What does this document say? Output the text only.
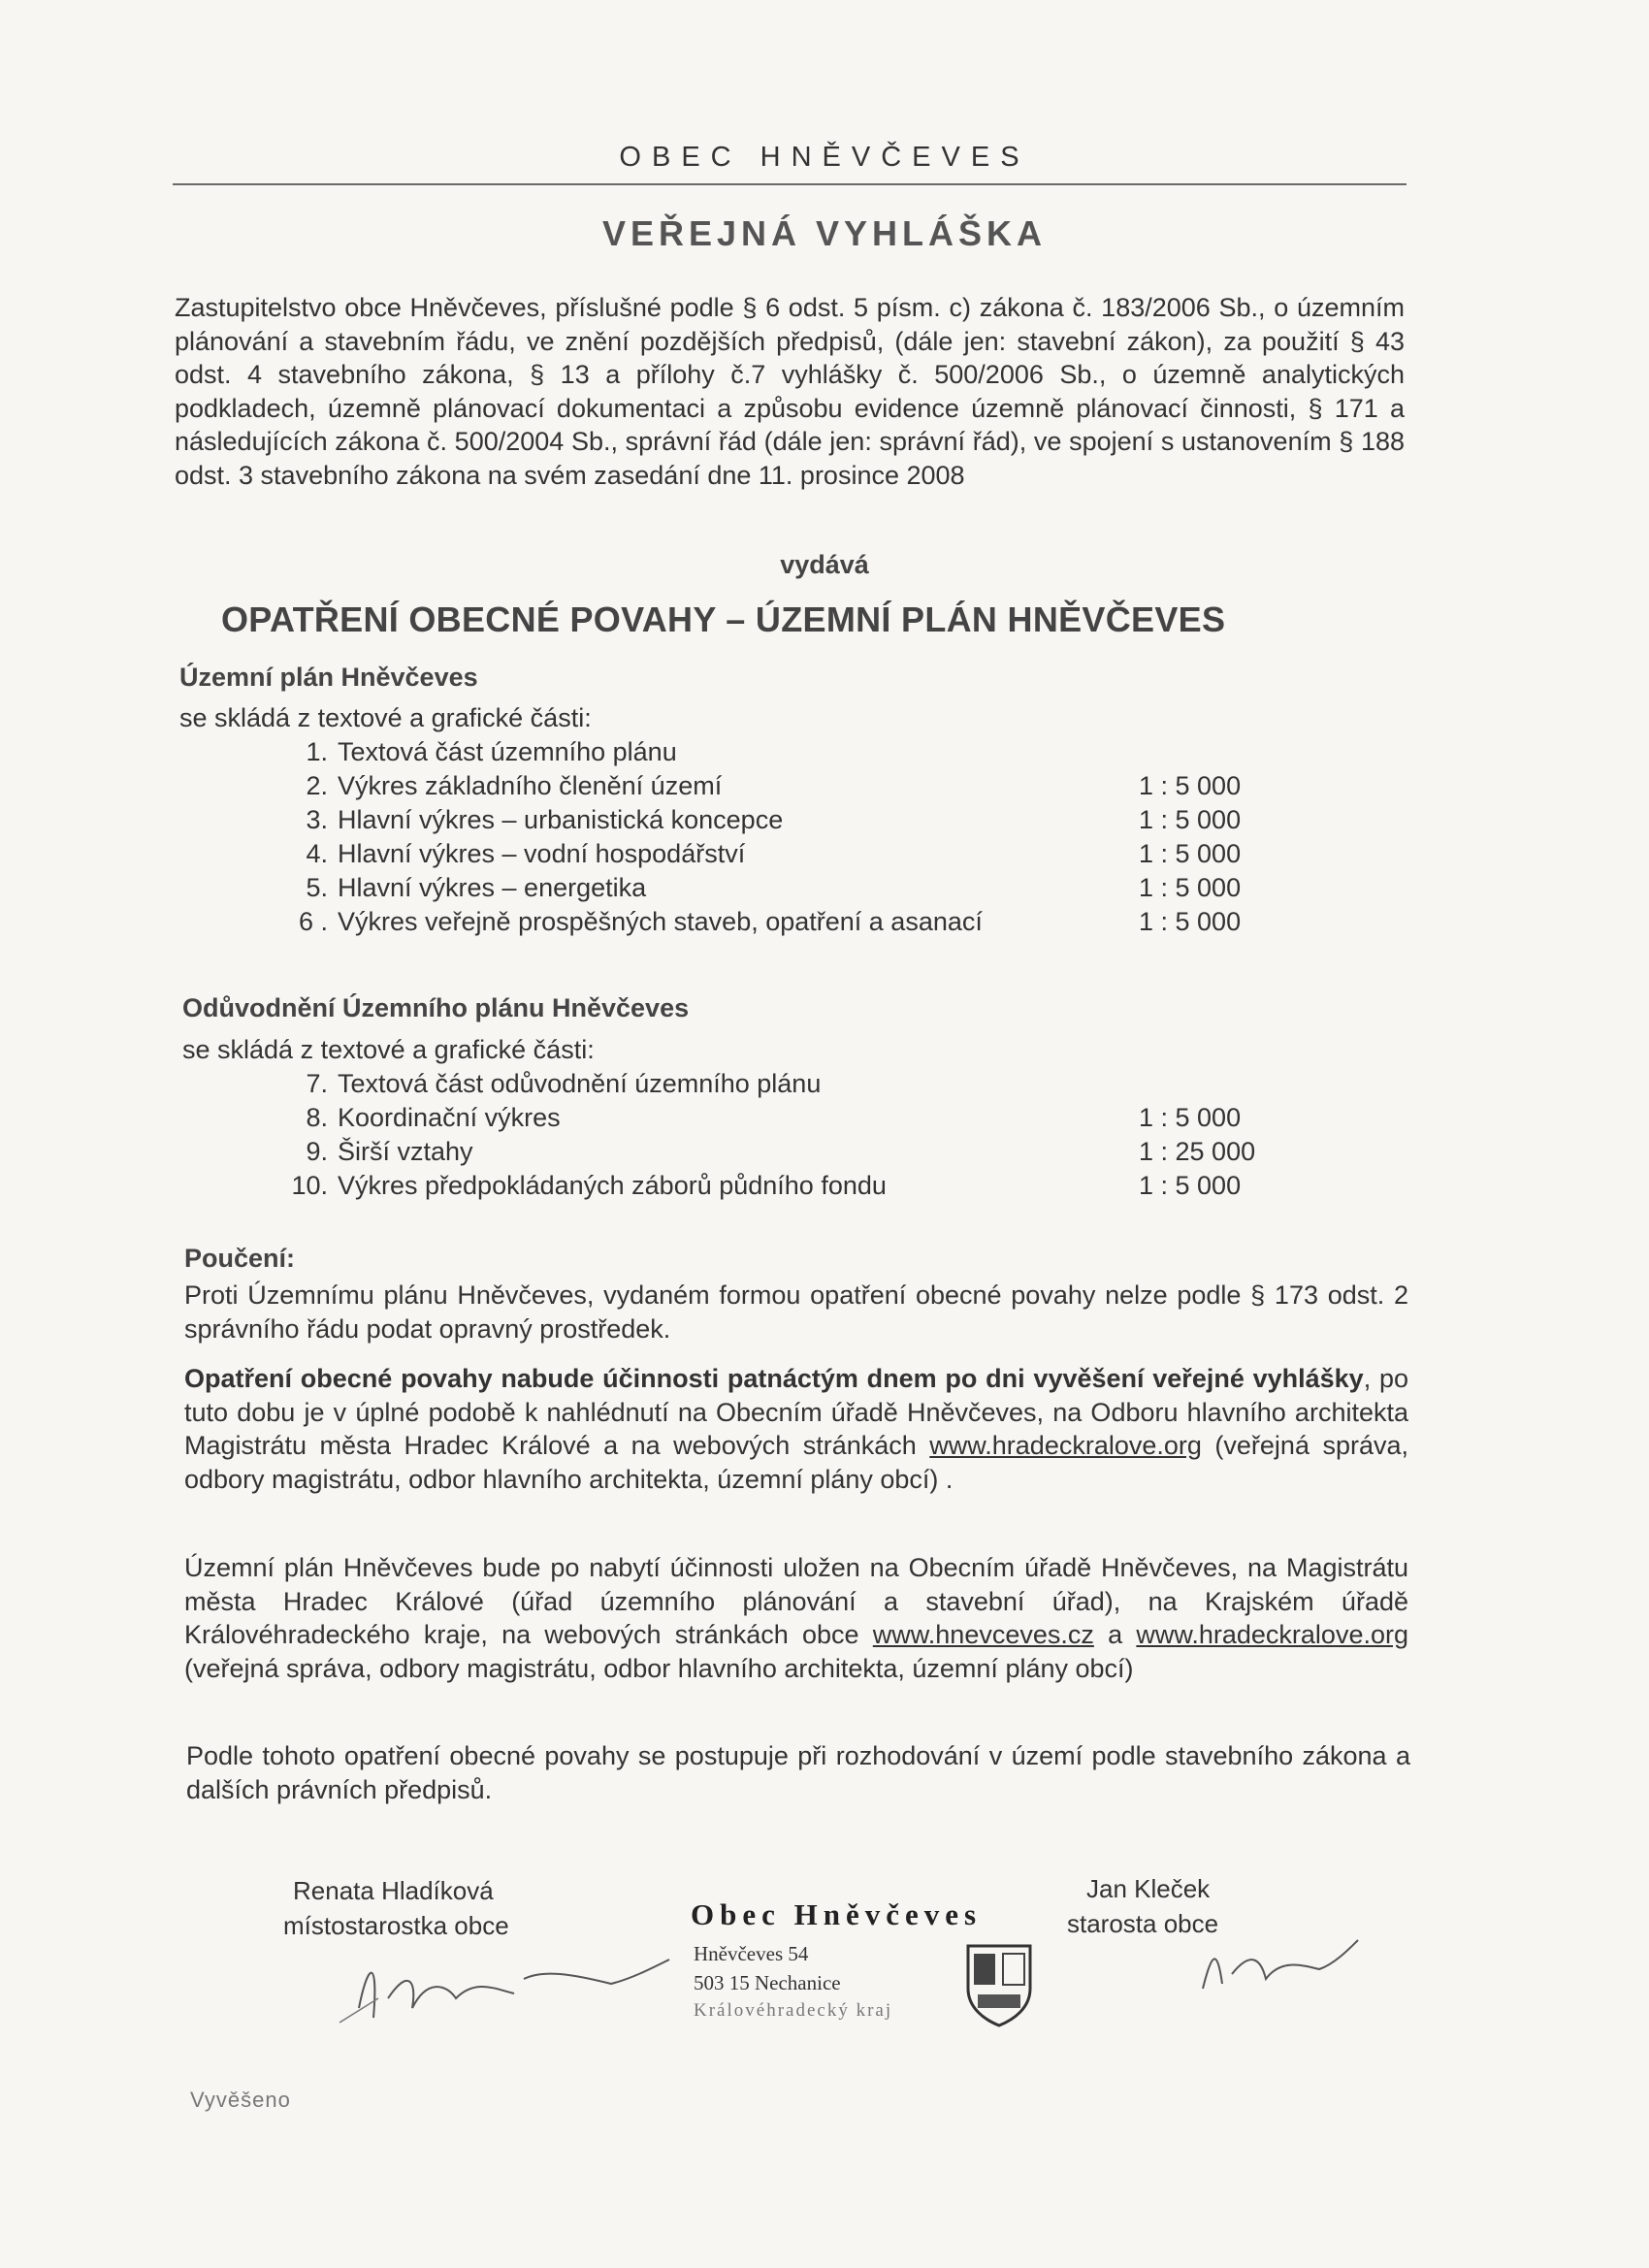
OBEC HNĚVČEVES
VEŘEJNÁ VYHLÁŠKA
Zastupitelstvo obce Hněvčeves, příslušné podle § 6 odst. 5 písm. c) zákona č. 183/2006 Sb., o územním plánování a stavebním řádu, ve znění pozdějších předpisů, (dále jen: stavební zákon), za použití § 43 odst. 4 stavebního zákona, § 13 a přílohy č.7 vyhlášky č. 500/2006 Sb., o územně analytických podkladech, územně plánovací dokumentaci a způsobu evidence územně plánovací činnosti, § 171 a následujících zákona č. 500/2004 Sb., správní řád (dále jen: správní řád), ve spojení s ustanovením § 188 odst. 3 stavebního zákona na svém zasedání dne 11. prosince 2008
vydává
OPATŘENÍ OBECNÉ POVAHY – ÚZEMNÍ PLÁN HNĚVČEVES
Územní plán Hněvčeves
se skládá z textové a grafické části:
1. Textová část územního plánu
2. Výkres základního členění území	1 : 5 000
3. Hlavní výkres – urbanistická koncepce	1 : 5 000
4. Hlavní výkres – vodní hospodářství	1 : 5 000
5. Hlavní výkres – energetika	1 : 5 000
6 . Výkres veřejně prospěšných staveb, opatření a asanací	1 : 5 000
Odůvodnění Územního plánu Hněvčeves
se skládá z textové a grafické části:
7. Textová část odůvodnění územního plánu
8. Koordinační výkres	1 : 5 000
9. Širší vztahy	1 : 25 000
10. Výkres předpokládaných záborů půdního fondu	1 : 5 000
Poučení:
Proti Územnímu plánu Hněvčeves, vydaném formou opatření obecné povahy nelze podle § 173 odst. 2 správního řádu podat opravný prostředek.
Opatření obecné povahy nabude účinnosti patnáctým dnem po dni vyvěšení veřejné vyhlášky, po tuto dobu je v úplné podobě k nahlédnutí na Obecním úřadě Hněvčeves, na Odboru hlavního architekta Magistrátu města Hradec Králové a na webových stránkách www.hradeckralove.org (veřejná správa, odbory magistrátu, odbor hlavního architekta, územní plány obcí) .
Územní plán Hněvčeves bude po nabytí účinnosti uložen na Obecním úřadě Hněvčeves, na Magistrátu města Hradec Králové (úřad územního plánování a stavební úřad), na Krajském úřadě Královéhradeckého kraje, na webových stránkách obce www.hnevceves.cz a www.hradeckralove.org (veřejná správa, odbory magistrátu, odbor hlavního architekta, územní plány obcí)
Podle tohoto opatření obecné povahy se postupuje při rozhodování v území podle stavebního zákona a dalších právních předpisů.
Renata Hladíková
místostarostka obce
Jan Kleček
starosta obce
Obec Hněvčeves
Hněvčeves 54
503 15 Nechanice
Královéhradecký kraj
Vyvěšeno
